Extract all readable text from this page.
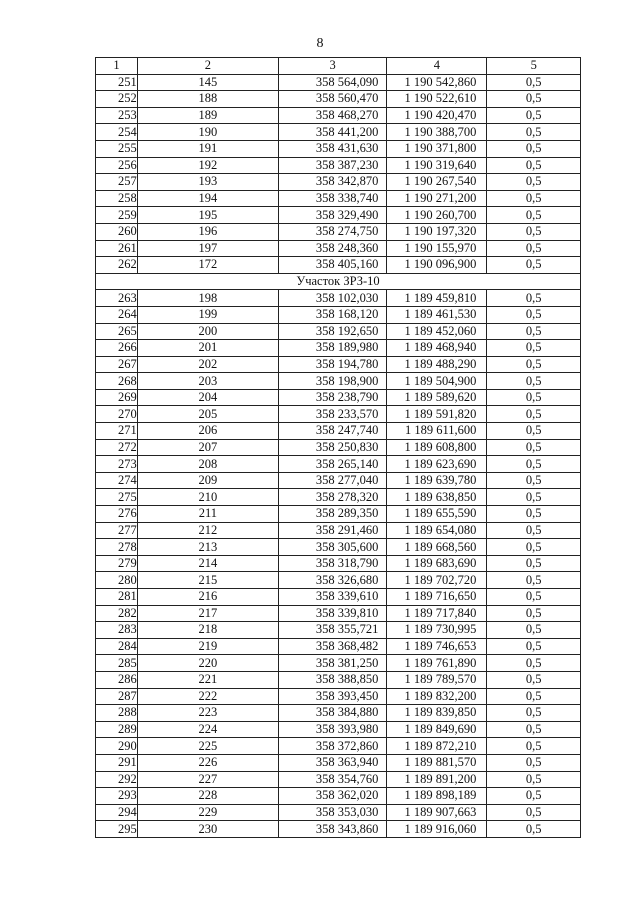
8
1	2	3	4	5
251	145	358 564,090	1 190 542,860	0,5
252	188	358 560,470	1 190 522,610	0,5
253	189	358 468,270	1 190 420,470	0,5
254	190	358 441,200	1 190 388,700	0,5
255	191	358 431,630	1 190 371,800	0,5
256	192	358 387,230	1 190 319,640	0,5
257	193	358 342,870	1 190 267,540	0,5
258	194	358 338,740	1 190 271,200	0,5
259	195	358 329,490	1 190 260,700	0,5
260	196	358 274,750	1 190 197,320	0,5
261	197	358 248,360	1 190 155,970	0,5
262	172	358 405,160	1 190 096,900	0,5
Участок ЗРЗ-10				
263	198	358 102,030	1 189 459,810	0,5
264	199	358 168,120	1 189 461,530	0,5
265	200	358 192,650	1 189 452,060	0,5
266	201	358 189,980	1 189 468,940	0,5
267	202	358 194,780	1 189 488,290	0,5
268	203	358 198,900	1 189 504,900	0,5
269	204	358 238,790	1 189 589,620	0,5
270	205	358 233,570	1 189 591,820	0,5
271	206	358 247,740	1 189 611,600	0,5
272	207	358 250,830	1 189 608,800	0,5
273	208	358 265,140	1 189 623,690	0,5
274	209	358 277,040	1 189 639,780	0,5
275	210	358 278,320	1 189 638,850	0,5
276	211	358 289,350	1 189 655,590	0,5
277	212	358 291,460	1 189 654,080	0,5
278	213	358 305,600	1 189 668,560	0,5
279	214	358 318,790	1 189 683,690	0,5
280	215	358 326,680	1 189 702,720	0,5
281	216	358 339,610	1 189 716,650	0,5
282	217	358 339,810	1 189 717,840	0,5
283	218	358 355,721	1 189 730,995	0,5
284	219	358 368,482	1 189 746,653	0,5
285	220	358 381,250	1 189 761,890	0,5
286	221	358 388,850	1 189 789,570	0,5
287	222	358 393,450	1 189 832,200	0,5
288	223	358 384,880	1 189 839,850	0,5
289	224	358 393,980	1 189 849,690	0,5
290	225	358 372,860	1 189 872,210	0,5
291	226	358 363,940	1 189 881,570	0,5
292	227	358 354,760	1 189 891,200	0,5
293	228	358 362,020	1 189 898,189	0,5
294	229	358 353,030	1 189 907,663	0,5
295	230	358 343,860	1 189 916,060	0,5
